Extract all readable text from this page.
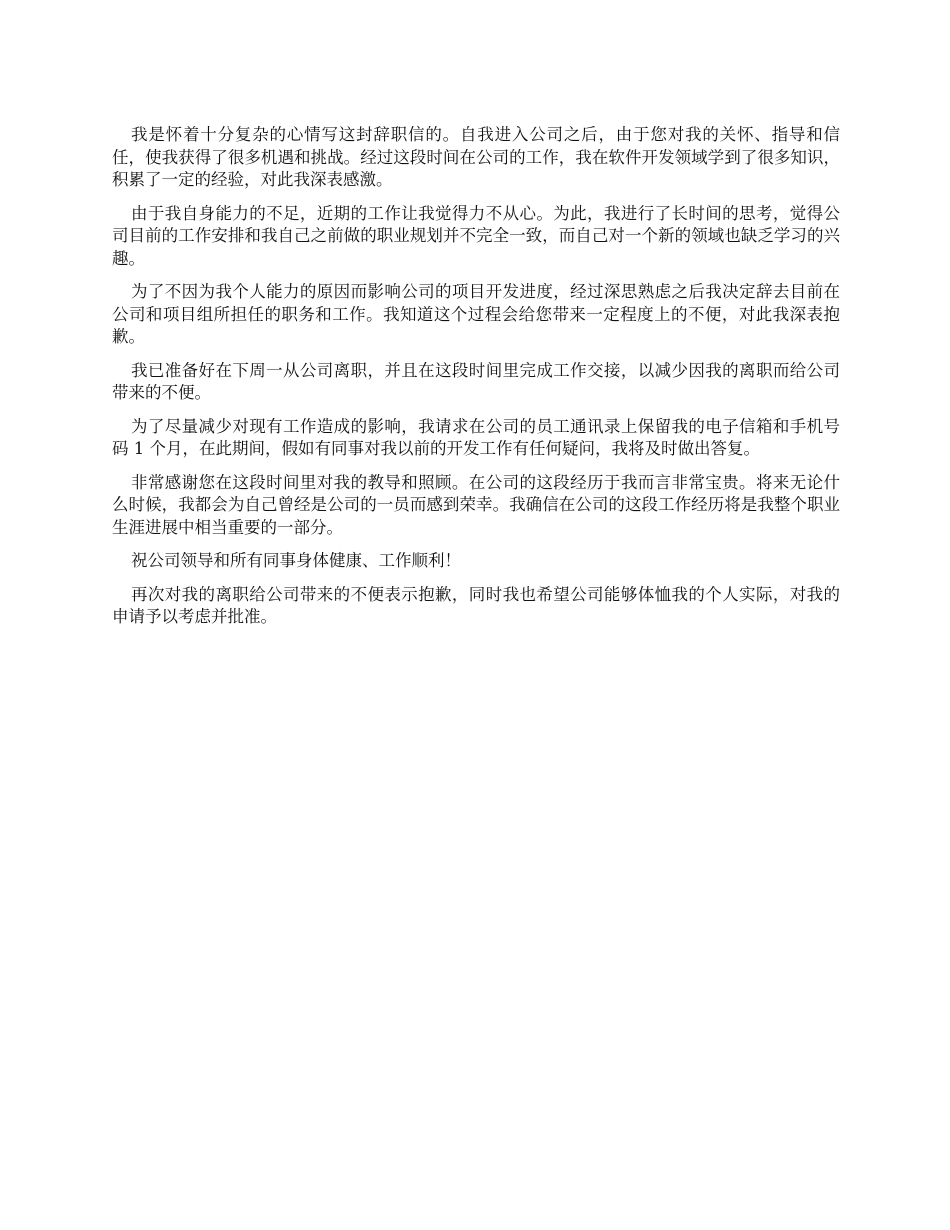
我是怀着十分复杂的心情写这封辞职信的。自我进入公司之后，由于您对我的关怀、指导和信任，使我获得了很多机遇和挑战。经过这段时间在公司的工作，我在软件开发领域学到了很多知识，积累了一定的经验，对此我深表感激。

由于我自身能力的不足，近期的工作让我觉得力不从心。为此，我进行了长时间的思考，觉得公司目前的工作安排和我自己之前做的职业规划并不完全一致，而自己对一个新的领域也缺乏学习的兴趣。

为了不因为我个人能力的原因而影响公司的项目开发进度，经过深思熟虑之后我决定辞去目前在公司和项目组所担任的职务和工作。我知道这个过程会给您带来一定程度上的不便，对此我深表抱歉。

我已准备好在下周一从公司离职，并且在这段时间里完成工作交接，以减少因我的离职而给公司带来的不便。

为了尽量减少对现有工作造成的影响，我请求在公司的员工通讯录上保留我的电子信箱和手机号码 1 个月，在此期间，假如有同事对我以前的开发工作有任何疑问，我将及时做出答复。

非常感谢您在这段时间里对我的教导和照顾。在公司的这段经历于我而言非常宝贵。将来无论什么时候，我都会为自己曾经是公司的一员而感到荣幸。我确信在公司的这段工作经历将是我整个职业生涯进展中相当重要的一部分。

祝公司领导和所有同事身体健康、工作顺利！

再次对我的离职给公司带来的不便表示抱歉，同时我也希望公司能够体恤我的个人实际，对我的申请予以考虑并批准。
